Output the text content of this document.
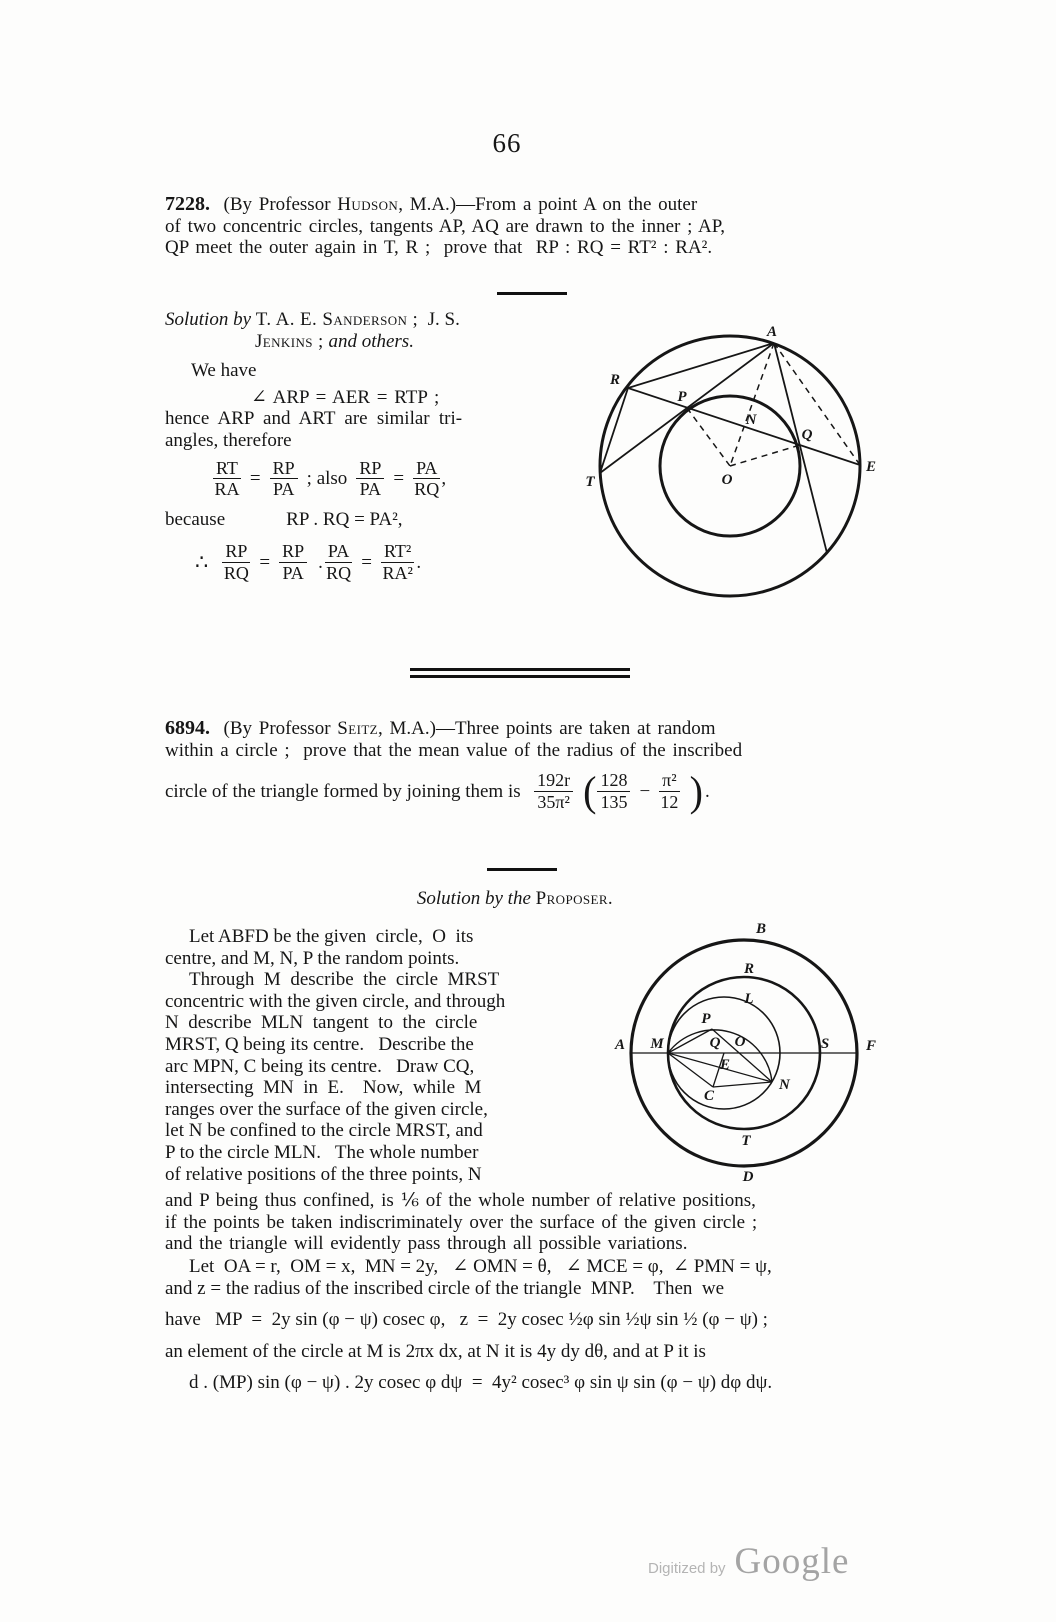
66
7228.  (By Professor Hudson, M.A.)—From a point A on the outer
of two concentric circles, tangents AP, AQ are drawn to the inner ; AP,
QP meet the outer again in T, R ;  prove that  RP : RQ = RT² : RA².
Solution by T. A. E. Sanderson ;  J. S.
Jenkins ; and others.
We have
∠ ARP = AER = RTP ;
hence ARP and ART are similar tri-
angles, therefore
$\frac{RT}{RA} = \frac{RP}{PA}$ ; also $\frac{RP}{PA} = \frac{PA}{RQ}$ ,
because	RP . RQ = PA²,
∴ $\frac{RP}{RQ} = \frac{RP}{PA}$ . $\frac{PA}{RQ} = \frac{\text{RT²}}{\text{RA²}}$ .
A
R
T
E
P
Q
N
O
6894.  (By Professor Seitz, M.A.)—Three points are taken at random
within a circle ;  prove that the mean value of the radius of the inscribed
circle of the triangle formed by joining them is
192r
35π² ( 128
135
− $\frac{\text{π²}}{12}$ ) .
Solution by the Proposer.
Let ABFD be the given  circle,  O  its
centre, and M, N, P the random points.
Through  M  describe  the  circle  MRST
concentric with the given circle, and through
N  describe  MLN  tangent  to  the  circle
MRST, Q being its centre.   Describe the
arc MPN, C being its centre.   Draw CQ,
intersecting  MN  in  E.    Now,  while  M
ranges over the surface of the given circle,
let N be confined to the circle MRST, and
P to the circle MLN.   The whole number
of relative positions of the three points, N
A
B
F
D
M
R
S
T
L
N
P
Q O
E
C
and P being thus confined, is ⅙ of the whole number of relative positions,
if the points be taken indiscriminately over the surface of the given circle ;
and the triangle will evidently pass through all possible variations.
Let  OA = r,  OM = x,  MN = 2y,   ∠ OMN = θ,   ∠ MCE = φ,  ∠ PMN = ψ,
and z = the radius of the inscribed circle of the triangle  MNP.    Then  we
have   MP  =  2y sin (φ − ψ) cosec φ,   z  =  2y cosec ½φ sin ½ψ sin ½ (φ − ψ) ;
an element of the circle at M is 2πx dx, at N it is 4y dy dθ, and at P it is
d . (MP) sin (φ − ψ) . 2y cosec φ dψ  =  4y² cosec³ φ sin ψ sin (φ − ψ) dφ dψ.
Digitized by Google
